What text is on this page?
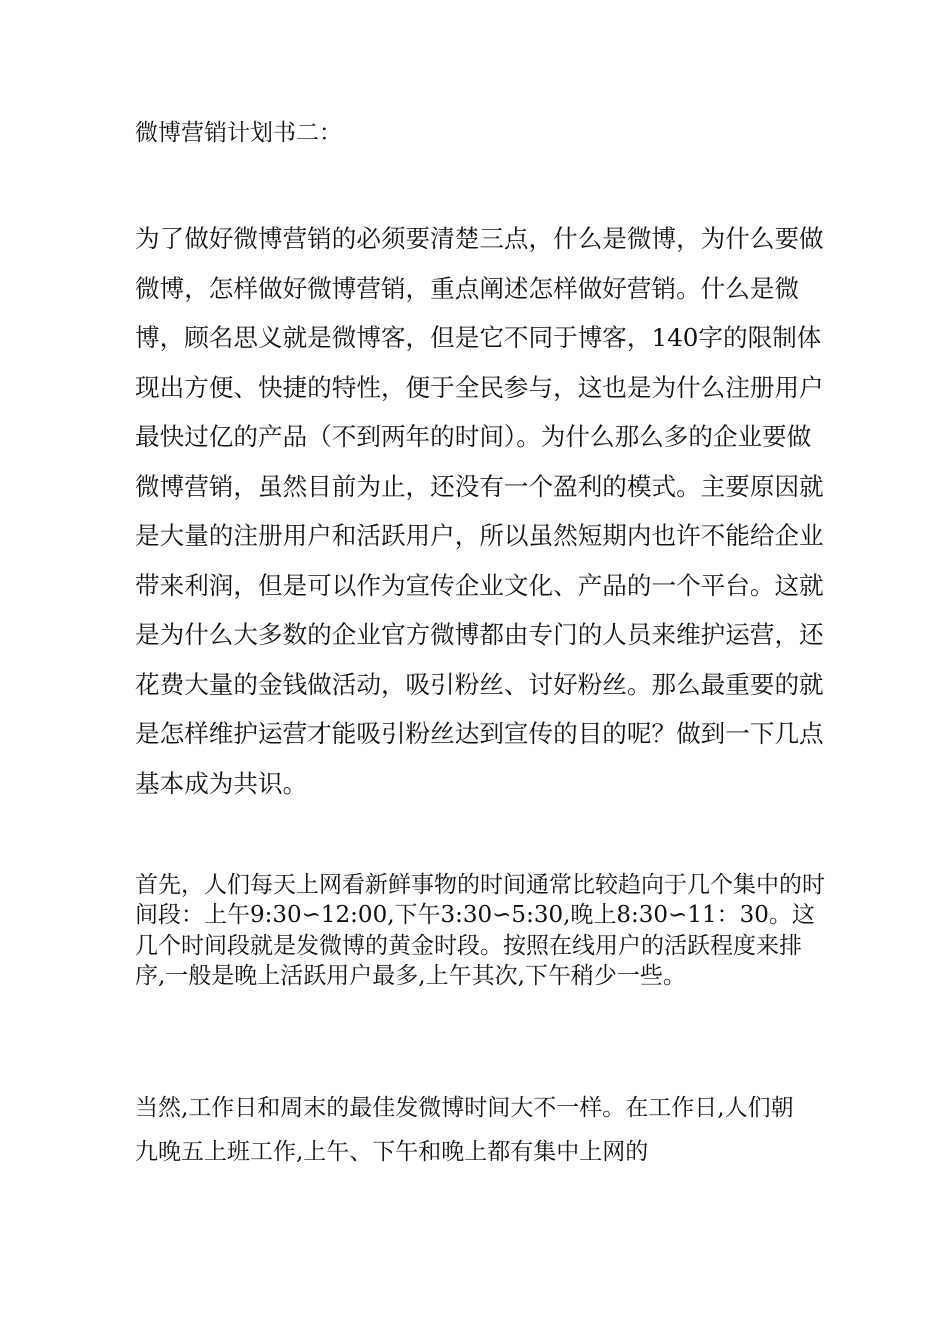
微博营销计划书二：

为了做好微博营销的必须要清楚三点，什么是微博，为什么要做微博，怎样做好微博营销，重点阐述怎样做好营销。什么是微博，顾名思义就是微博客，但是它不同于博客，140字的限制体现出方便、快捷的特性，便于全民参与，这也是为什么注册用户最快过亿的产品（不到两年的时间）。为什么那么多的企业要做微博营销，虽然目前为止，还没有一个盈利的模式。主要原因就是大量的注册用户和活跃用户，所以虽然短期内也许不能给企业带来利润，但是可以作为宣传企业文化、产品的一个平台。这就是为什么大多数的企业官方微博都由专门的人员来维护运营，还花费大量的金钱做活动，吸引粉丝、讨好粉丝。那么最重要的就是怎样维护运营才能吸引粉丝达到宣传的目的呢？做到一下几点基本成为共识。

首先，人们每天上网看新鲜事物的时间通常比较趋向于几个集中的时间段：上午9:30∽12:00,下午3:30∽5:30,晚上8:30∽11：30。这几个时间段就是发微博的黄金时段。按照在线用户的活跃程度来排序,一般是晚上活跃用户最多,上午其次,下午稍少一些。

当然,工作日和周末的最佳发微博时间大不一样。在工作日,人们朝九晚五上班工作,上午、下午和晚上都有集中上网的
